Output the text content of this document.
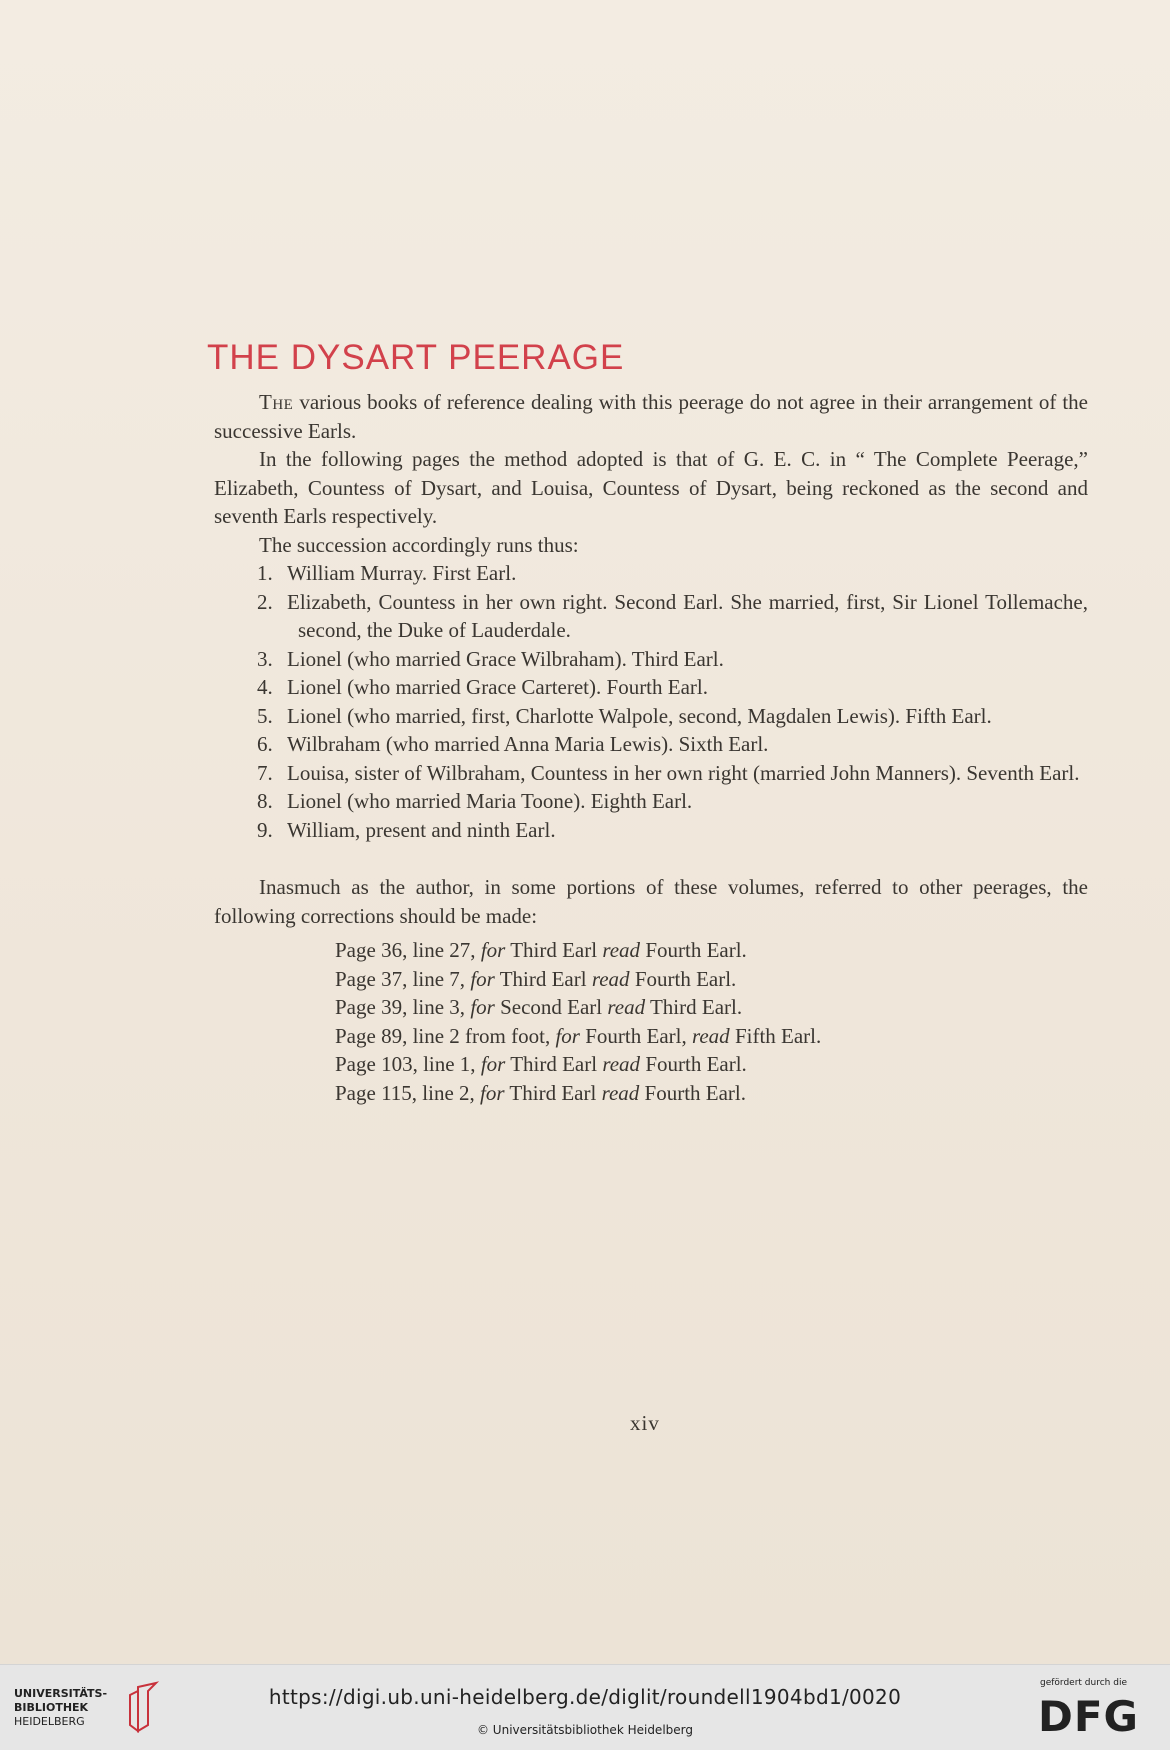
THE DYSART PEERAGE

The various books of reference dealing with this peerage do not agree in their arrangement of the successive Earls.

In the following pages the method adopted is that of G. E. C. in “ The Complete Peerage,” Elizabeth, Countess of Dysart, and Louisa, Countess of Dysart, being reckoned as the second and seventh Earls respectively.

The succession accordingly runs thus:

1. William Murray. First Earl.
2. Elizabeth, Countess in her own right. Second Earl. She married, first, Sir Lionel Tollemache, second, the Duke of Lauderdale.
3. Lionel (who married Grace Wilbraham). Third Earl.
4. Lionel (who married Grace Carteret). Fourth Earl.
5. Lionel (who married, first, Charlotte Walpole, second, Magdalen Lewis). Fifth Earl.
6. Wilbraham (who married Anna Maria Lewis). Sixth Earl.
7. Louisa, sister of Wilbraham, Countess in her own right (married John Manners). Seventh Earl.
8. Lionel (who married Maria Toone). Eighth Earl.
9. William, present and ninth Earl.

Inasmuch as the author, in some portions of these volumes, referred to other peerages, the following corrections should be made:

Page 36, line 27, for Third Earl read Fourth Earl.
Page 37, line 7, for Third Earl read Fourth Earl.
Page 39, line 3, for Second Earl read Third Earl.
Page 89, line 2 from foot, for Fourth Earl, read Fifth Earl.
Page 103, line 1, for Third Earl read Fourth Earl.
Page 115, line 2, for Third Earl read Fourth Earl.
xiv
UNIVERSITÄTS-
BIBLIOTHEK
HEIDELBERG
https://digi.ub.uni-heidelberg.de/diglit/roundell1904bd1/0020
© Universitätsbibliothek Heidelberg
gefördert durch die
DFG
